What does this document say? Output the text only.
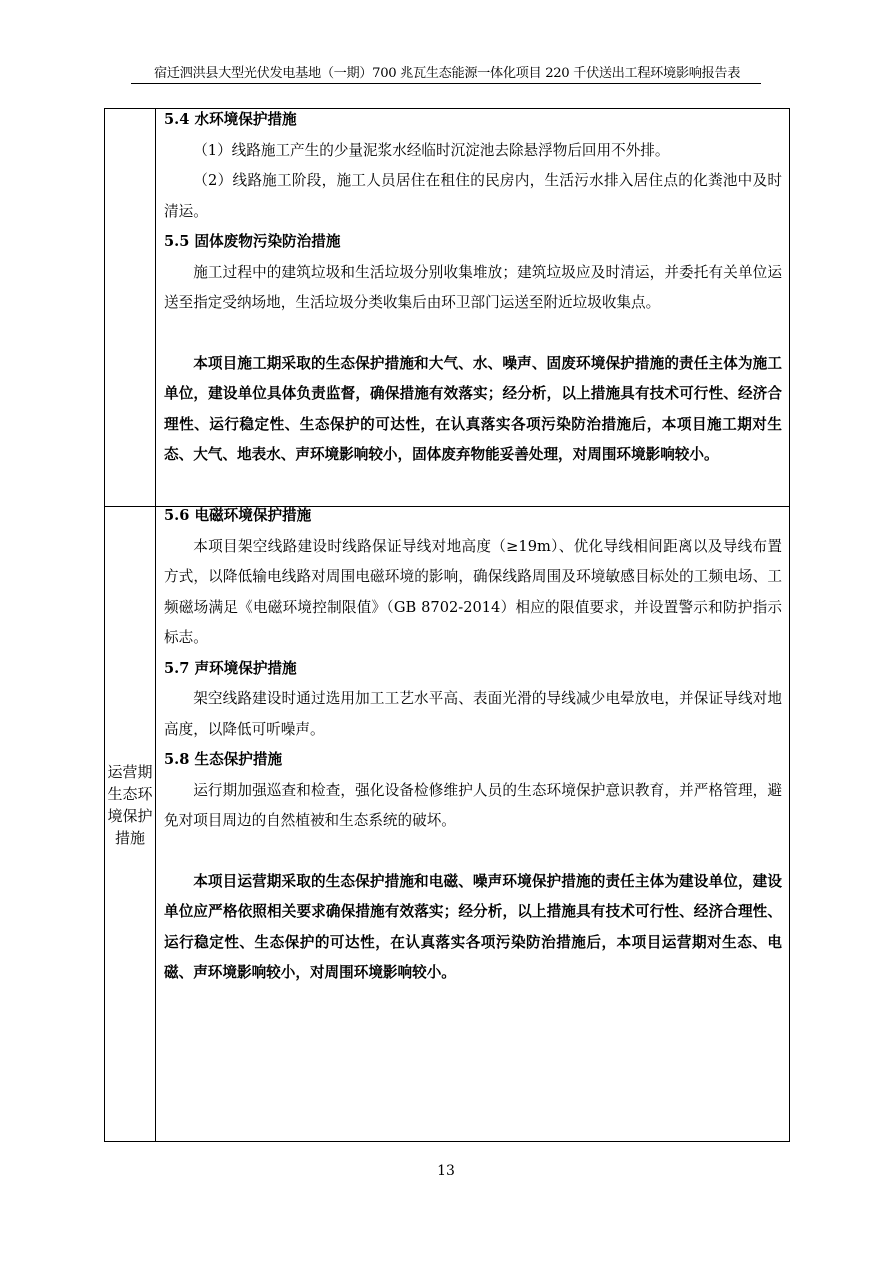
宿迁泗洪县大型光伏发电基地（一期）700 兆瓦生态能源一体化项目 220 千伏送出工程环境影响报告表

5.4 水环境保护措施

（1）线路施工产生的少量泥浆水经临时沉淀池去除悬浮物后回用不外排。

（2）线路施工阶段，施工人员居住在租住的民房内，生活污水排入居住点的化粪池中及时清运。

5.5 固体废物污染防治措施

施工过程中的建筑垃圾和生活垃圾分别收集堆放；建筑垃圾应及时清运，并委托有关单位运送至指定受纳场地，生活垃圾分类收集后由环卫部门运送至附近垃圾收集点。

本项目施工期采取的生态保护措施和大气、水、噪声、固废环境保护措施的责任主体为施工单位，建设单位具体负责监督，确保措施有效落实；经分析，以上措施具有技术可行性、经济合理性、运行稳定性、生态保护的可达性，在认真落实各项污染防治措施后，本项目施工期对生态、大气、地表水、声环境影响较小，固体废弃物能妥善处理，对周围环境影响较小。

运营期生态环境保护措施

5.6 电磁环境保护措施

本项目架空线路建设时线路保证导线对地高度（≥19m）、优化导线相间距离以及导线布置方式，以降低输电线路对周围电磁环境的影响，确保线路周围及环境敏感目标处的工频电场、工频磁场满足《电磁环境控制限值》（GB 8702-2014）相应的限值要求，并设置警示和防护指示标志。

5.7 声环境保护措施

架空线路建设时通过选用加工工艺水平高、表面光滑的导线减少电晕放电，并保证导线对地高度，以降低可听噪声。

5.8 生态保护措施

运行期加强巡查和检查，强化设备检修维护人员的生态环境保护意识教育，并严格管理，避免对项目周边的自然植被和生态系统的破坏。

本项目运营期采取的生态保护措施和电磁、噪声环境保护措施的责任主体为建设单位，建设单位应严格依照相关要求确保措施有效落实；经分析，以上措施具有技术可行性、经济合理性、运行稳定性、生态保护的可达性，在认真落实各项污染防治措施后，本项目运营期对生态、电磁、声环境影响较小，对周围环境影响较小。

13
